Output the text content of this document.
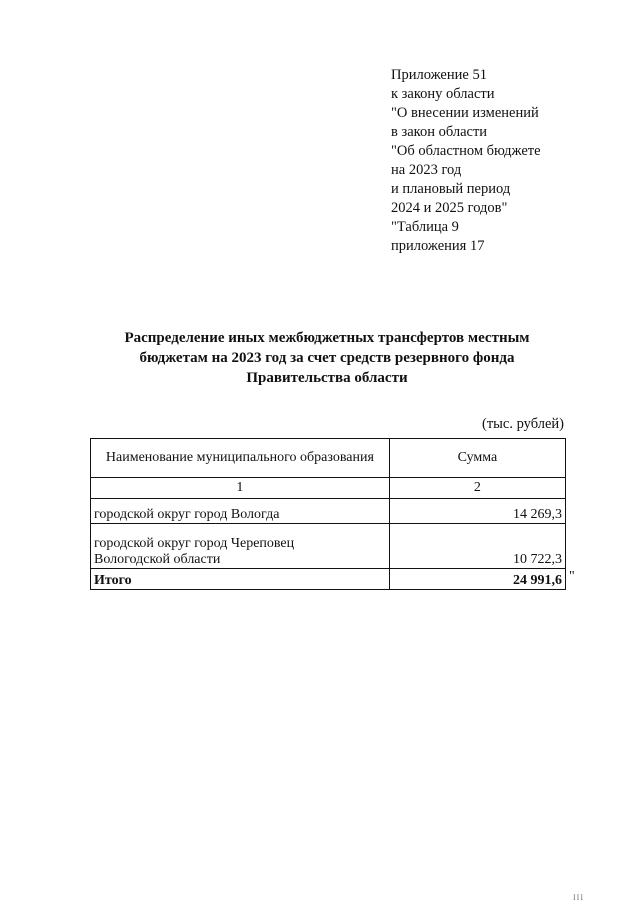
Приложение 51
к закону области
"О внесении изменений
в закон области
"Об областном бюджете
на 2023 год
и плановый период
2024 и 2025 годов"
"Таблица 9
приложения 17
Распределение иных межбюджетных трансфертов местным
бюджетам на 2023 год за счет средств резервного фонда
Правительства области
(тыс. рублей)
Наименование муниципального образования	Сумма
1	2
городской округ город Вологда	14 269,3

городской округ город Череповец
Вологодской области	10 722,3
Итого	24 991,6 "
III
